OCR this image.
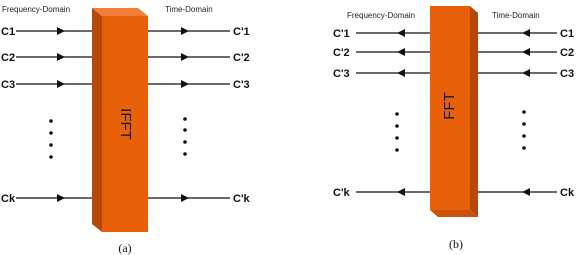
Frequency-Domain	Time-Domain
IFFT
C1
C2
C3
Ck
C'1
C'2
C'3
C'k
(a)
Frequency-Domain	Time-Domain
FFT
C'1
C'2
C'3
C'k
C1
C2
C3
Ck
(b)
